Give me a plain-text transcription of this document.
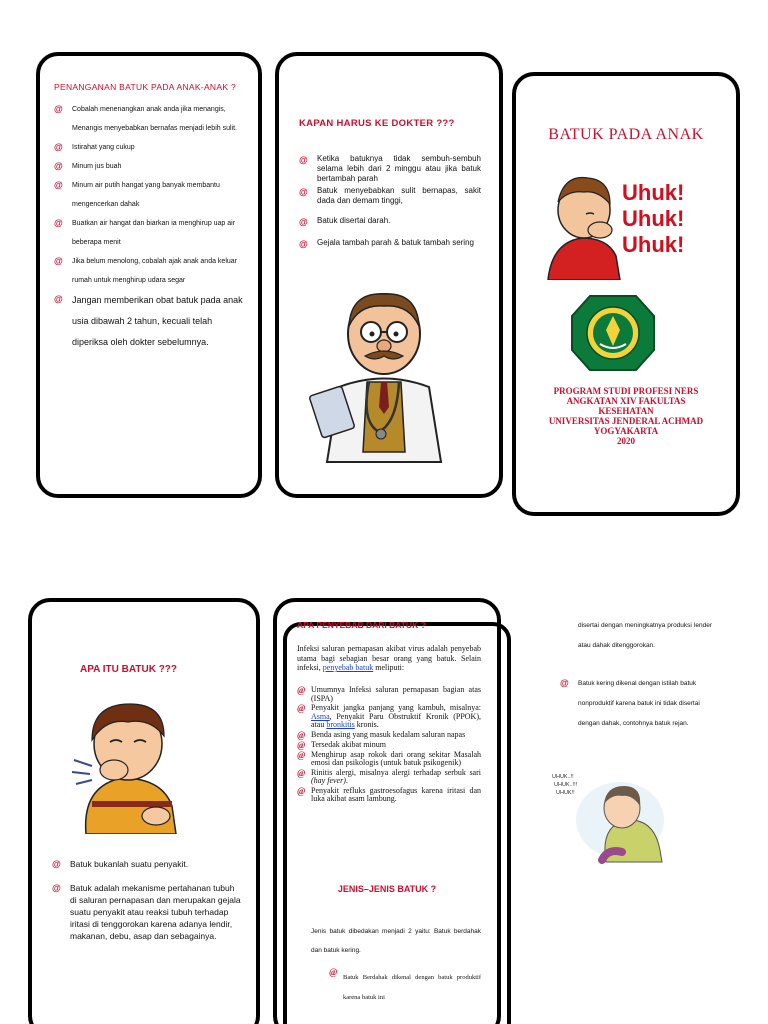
PENANGANAN BATUK PADA ANAK-ANAK ?
@	Cobalah menenangkan anak anda jika menangis, Menangis menyebabkan bernafas menjadi lebih sulit.
@	Istirahat yang cukup
@	Minum jus buah
@	Minum air putih hangat yang banyak membantu mengencerkan dahak
@	Buatkan air hangat dan biarkan ia menghirup uap air beberapa menit
@	Jika belum menolong, cobalah ajak anak anda keluar rumah untuk menghirup udara segar
@	Jangan memberikan obat batuk pada anak usia dibawah 2 tahun, kecuali telah diperiksa oleh dokter sebelumnya.
KAPAN HARUS KE DOKTER ???
@	Ketika batuknya tidak sembuh-sembuh selama lebih dari 2 minggu atau jika batuk bertambah parah
@	Batuk menyebabkan sulit bernapas, sakit dada dan demam tinggi,
@	Batuk disertai darah.
@	Gejala tambah parah & batuk tambah sering
BATUK PADA ANAK
Uhuk!
Uhuk!
Uhuk!
PROGRAM STUDI PROFESI NERS
ANGKATAN XIV FAKULTAS
KESEHATAN
UNIVERSITAS JENDERAL ACHMAD
YOGYAKARTA
2020
APA ITU BATUK ???
@	Batuk bukanlah suatu penyakit.
@	Batuk adalah mekanisme pertahanan tubuh di saluran pernapasan dan merupakan gejala suatu penyakit atau reaksi tubuh terhadap iritasi di tenggorokan karena adanya lendir, makanan, debu, asap dan sebagainya.
APA PENYEBAB DARI BATUK ?
Infeksi saluran pernapasan akibat virus adalah penyebab utama bagi sebagian besar orang yang batuk. Selain infeksi, penyebab batuk meliputi:
@ Umumnya Infeksi saluran pernapasan bagian atas (ISPA)
@ Penyakit jangka panjang yang kambuh, misalnya: Asma, Penyakit Paru Obstruktif Kronik (PPOK), atau bronkitis kronis.
@ Benda asing yang masuk kedalam saluran napas
@ Tersedak akibat minum
@ Menghirup asap rokok dari orang sekitar Masalah emosi dan psikologis (untuk batuk psikogenik)
@ Rinitis alergi, misalnya alergi terhadap serbuk sari (hay fever).
@ Penyakit refluks gastroesofagus karena iritasi dan luka akibat asam lambung.
JENIS–JENIS BATUK ?
Jenis batuk dibedakan menjadi 2 yaitu: Batuk berdahak dan batuk kering.
@
Batuk Berdahak dikenal dengan batuk produktif karena batuk ini
disertai dengan meningkatnya produksi lender atau dahak ditenggorokan.
@	Batuk kering dikenal dengan istilah batuk nonproduktif karena batuk ini tidak disertai dengan dahak, contohnya batuk rejan.
UHUK..!!
UHUK..!!!
UHUK!!
